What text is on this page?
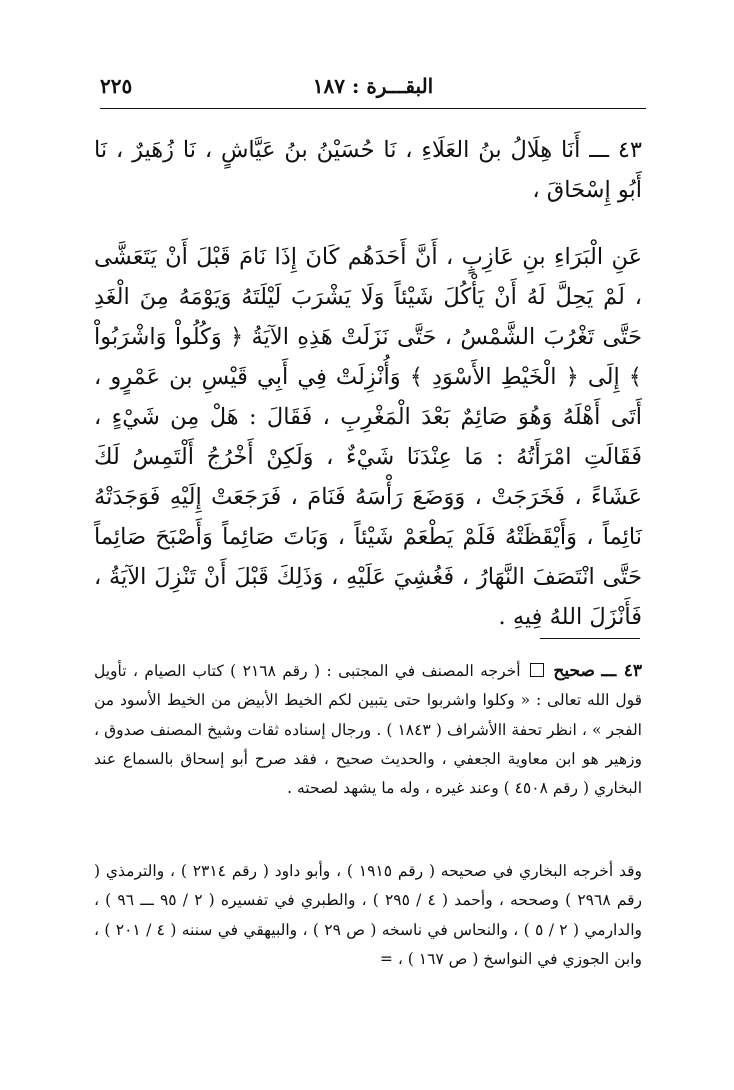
٢٢٥	البقـــرة : ١٨٧

٤٣ ـــ أَنَا هِلَالُ بنُ العَلَاءِ ، نَا حُسَيْنُ بنُ عَيَّاشٍ ، نَا زُهَيرٌ ، نَا أَبُو إِسْحَاقَ ،

عَنِ الْبَرَاءِ بنِ عَازِبٍ ، أَنَّ أَحَدَهُم كَانَ إِذَا نَامَ قَبْلَ أَنْ يَتَعَشَّى ، لَمْ يَحِلَّ لَهُ أَنْ يَأْكُلَ شَيْئاً وَلَا يَشْرَبَ لَيْلَتَهُ وَيَوْمَهُ مِنَ الْغَدِ حَتَّى تَغْرُبَ الشَّمْسُ ، حَتَّى نَزَلَتْ هَذِهِ الآيَةُ ﴿ وَكُلُواْ وَاشْرَبُواْ ﴾ إِلَى ﴿ الْخَيْطِ الأَسْوَدِ ﴾ وَأُنْزِلَتْ فِي أَبِي قَيْسِ بن عَمْرٍو ، أَتَى أَهْلَهُ وَهُوَ صَائِمٌ بَعْدَ الْمَغْرِبِ ، فَقَالَ : هَلْ مِن شَيْءٍ ، فَقَالَتِ امْرَأَتُهُ : مَا عِنْدَنَا شَيْءٌ ، وَلَكِنْ أَخْرُجُ أَلْتَمِسُ لَكَ عَشَاءً ، فَخَرَجَتْ ، وَوَضَعَ رَأْسَهُ فَنَامَ ، فَرَجَعَتْ إِلَيْهِ فَوَجَدَتْهُ نَائِماً ، وَأَيْقَظَتْهُ فَلَمْ يَطْعَمْ شَيْئاً ، وَبَاتَ صَائِماً وَأَصْبَحَ صَائِماً حَتَّى انْتَصَفَ النَّهَارُ ، فَغُشِيَ عَلَيْهِ ، وَذَلِكَ قَبْلَ أَنْ تَنْزِلَ الآيَةُ ، فَأَنْزَلَ اللهُ فِيهِ .

٤٣ ـــ صحيح  أخرجه المصنف في المجتبى : ( رقم ٢١٦٨ ) كتاب الصيام ، تأويل قول الله تعالى : « وكلوا واشربوا حتى يتبين لكم الخيط الأبيض من الخيط الأسود من الفجر » ، انظر تحفة االأشراف ( ١٨٤٣ ) . ورجال إسناده ثقات وشيخ المصنف صدوق ، وزهير هو ابن معاوية الجعفي ، والحديث صحيح ، فقد صرح أبو إسحاق بالسماع عند البخاري ( رقم ٤٥٠٨ ) وعند غيره ، وله ما يشهد لصحته .

وقد أخرجه البخاري في صحيحه ( رقم ١٩١٥ ) ، وأبو داود ( رقم ٢٣١٤ ) ، والترمذي ( رقم ٢٩٦٨ ) وصححه ، وأحمد ( ٤ / ٢٩٥ ) ، والطبري في تفسيره ( ٢ / ٩٥ ـــ ٩٦ ) ، والدارمي ( ٢ / ٥ ) ، والنحاس في ناسخه ( ص ٢٩ ) ، والبيهقي في سننه ( ٤ / ٢٠١ ) ، وابن الجوزي في النواسخ ( ص ١٦٧ ) ، =
